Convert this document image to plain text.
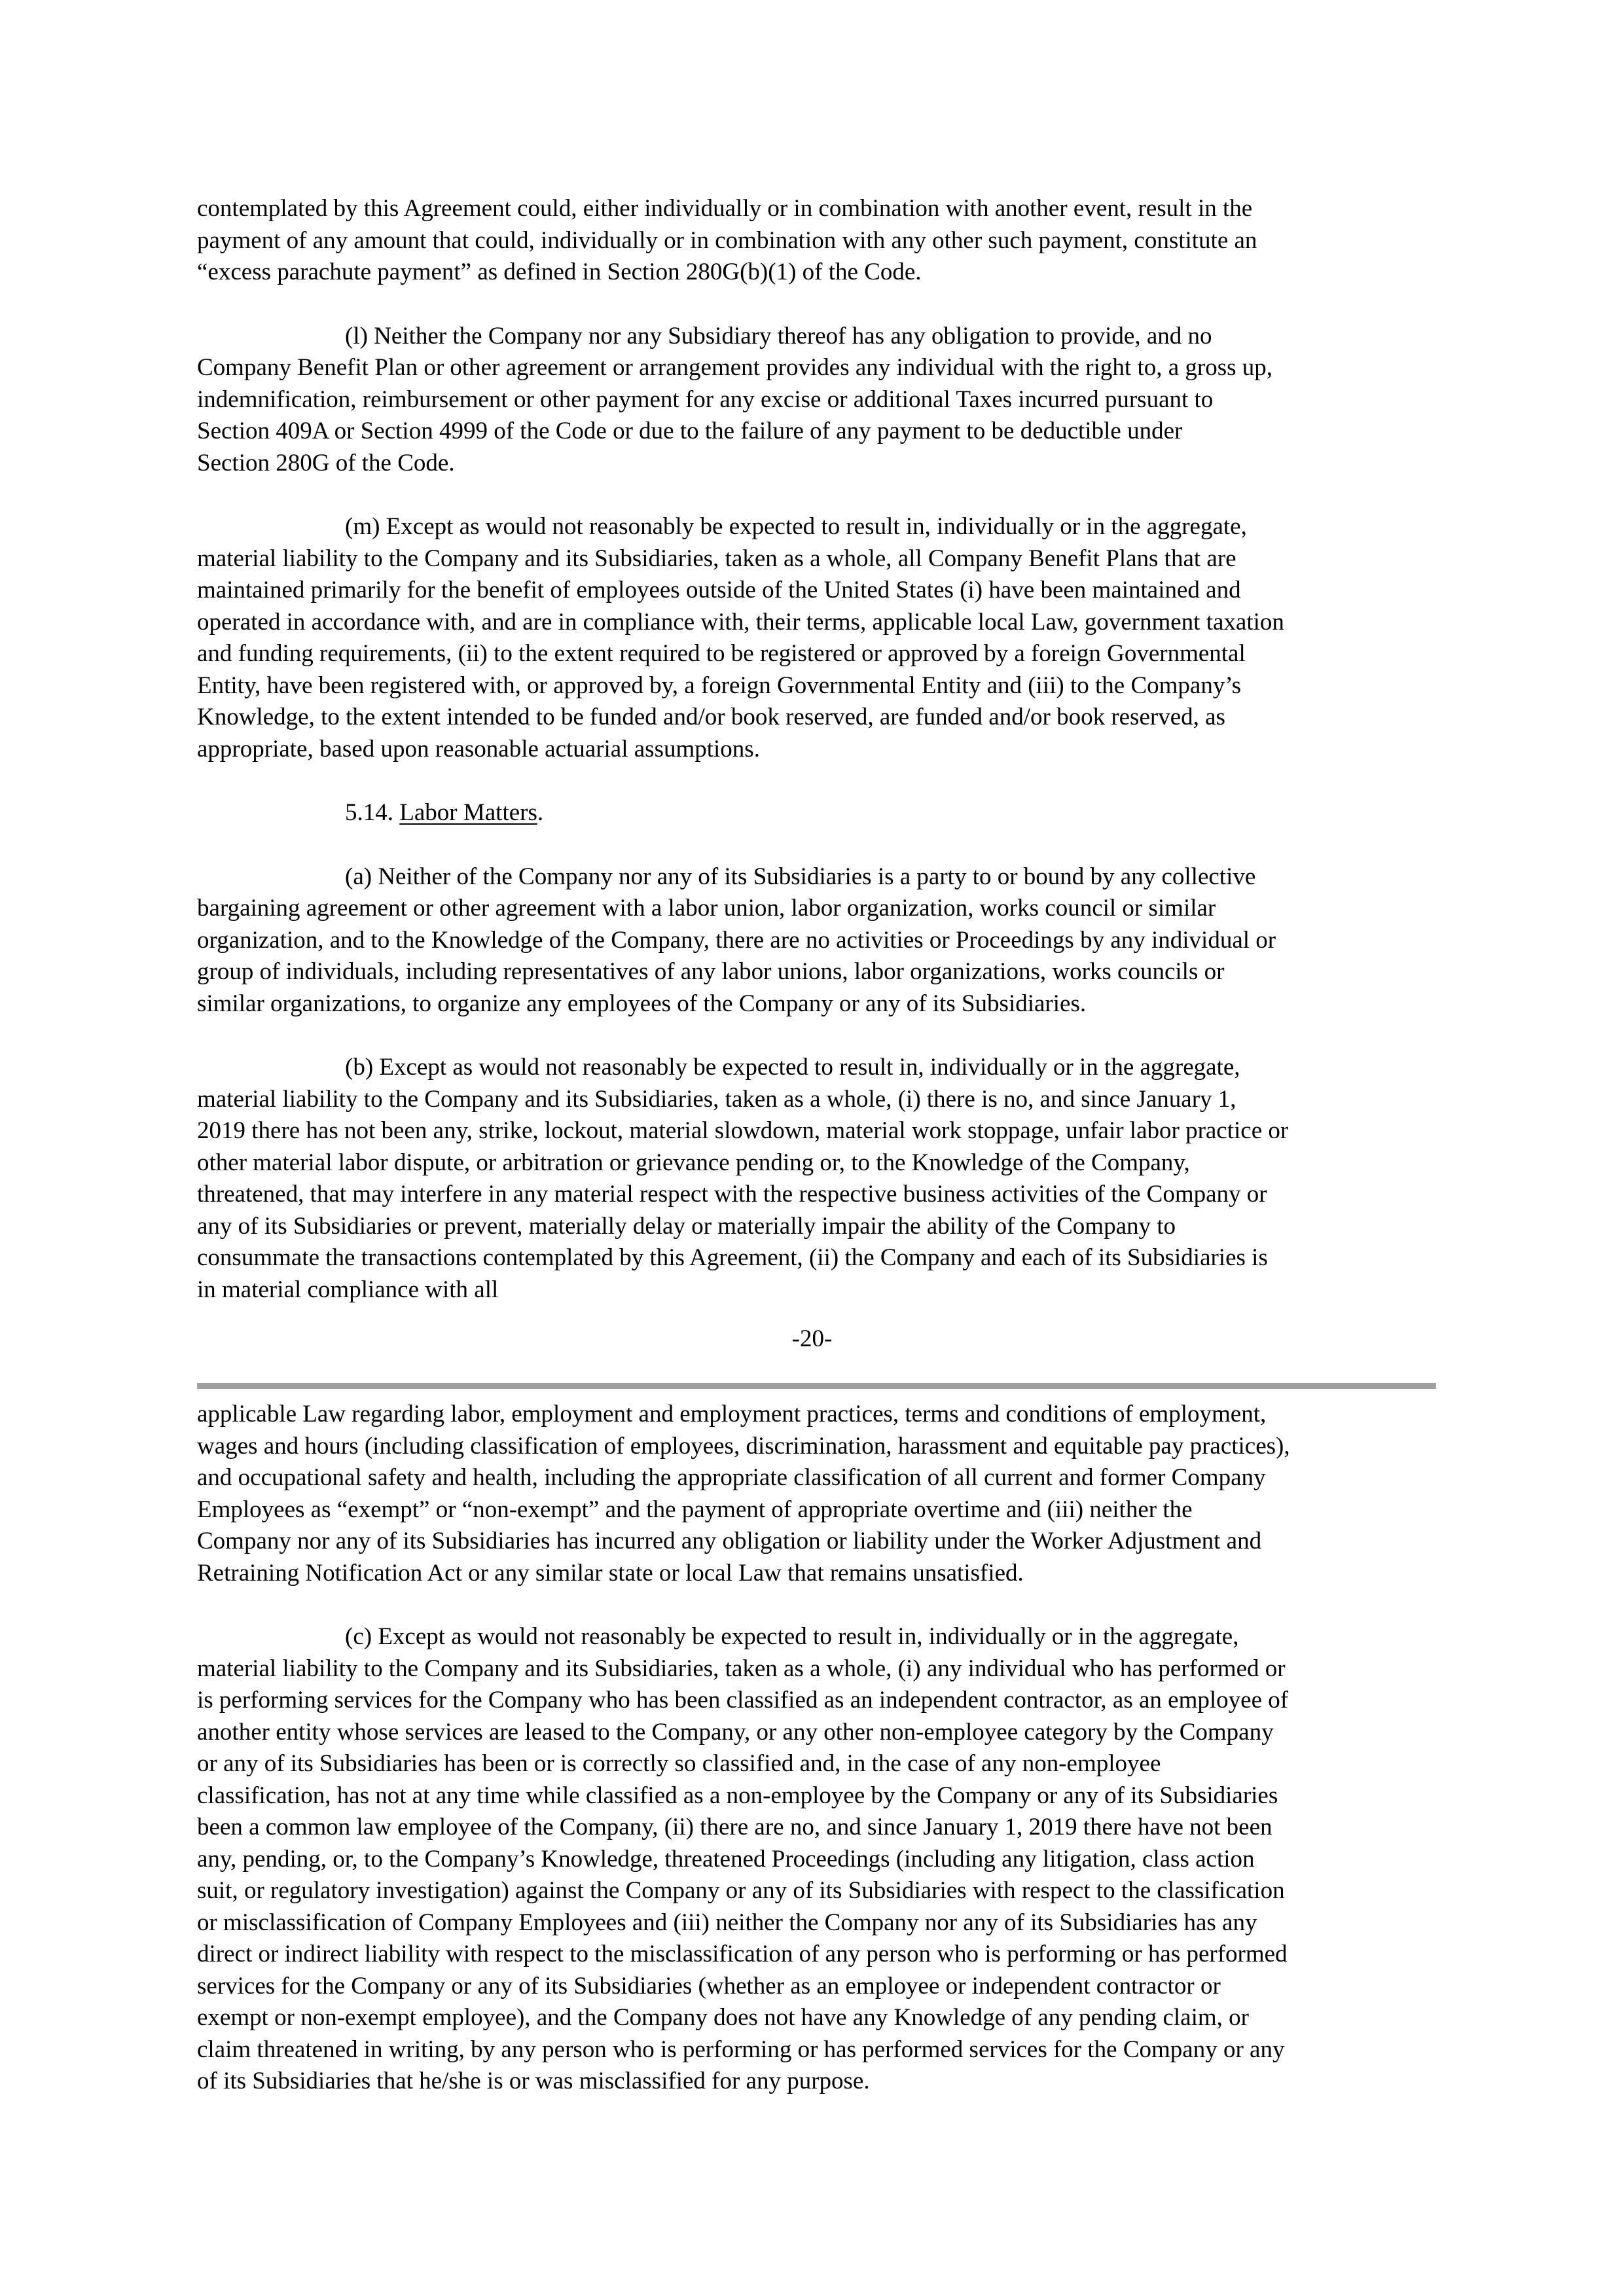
contemplated by this Agreement could, either individually or in combination with another event, result in the
payment of any amount that could, individually or in combination with any other such payment, constitute an
“excess parachute payment” as defined in Section 280G(b)(1) of the Code.
(l) Neither the Company nor any Subsidiary thereof has any obligation to provide, and no
Company Benefit Plan or other agreement or arrangement provides any individual with the right to, a gross up,
indemnification, reimbursement or other payment for any excise or additional Taxes incurred pursuant to
Section 409A or Section 4999 of the Code or due to the failure of any payment to be deductible under
Section 280G of the Code.
(m) Except as would not reasonably be expected to result in, individually or in the aggregate,
material liability to the Company and its Subsidiaries, taken as a whole, all Company Benefit Plans that are
maintained primarily for the benefit of employees outside of the United States (i) have been maintained and
operated in accordance with, and are in compliance with, their terms, applicable local Law, government taxation
and funding requirements, (ii) to the extent required to be registered or approved by a foreign Governmental
Entity, have been registered with, or approved by, a foreign Governmental Entity and (iii) to the Company’s
Knowledge, to the extent intended to be funded and/or book reserved, are funded and/or book reserved, as
appropriate, based upon reasonable actuarial assumptions.

5.14. Labor Matters.

(a) Neither of the Company nor any of its Subsidiaries is a party to or bound by any collective
bargaining agreement or other agreement with a labor union, labor organization, works council or similar
organization, and to the Knowledge of the Company, there are no activities or Proceedings by any individual or
group of individuals, including representatives of any labor unions, labor organizations, works councils or
similar organizations, to organize any employees of the Company or any of its Subsidiaries.
(b) Except as would not reasonably be expected to result in, individually or in the aggregate,
material liability to the Company and its Subsidiaries, taken as a whole, (i) there is no, and since January 1,
2019 there has not been any, strike, lockout, material slowdown, material work stoppage, unfair labor practice or
other material labor dispute, or arbitration or grievance pending or, to the Knowledge of the Company,
threatened, that may interfere in any material respect with the respective business activities of the Company or
any of its Subsidiaries or prevent, materially delay or materially impair the ability of the Company to
consummate the transactions contemplated by this Agreement, (ii) the Company and each of its Subsidiaries is
in material compliance with all
-20-
applicable Law regarding labor, employment and employment practices, terms and conditions of employment,
wages and hours (including classification of employees, discrimination, harassment and equitable pay practices),
and occupational safety and health, including the appropriate classification of all current and former Company
Employees as “exempt” or “non-exempt” and the payment of appropriate overtime and (iii) neither the
Company nor any of its Subsidiaries has incurred any obligation or liability under the Worker Adjustment and
Retraining Notification Act or any similar state or local Law that remains unsatisfied.
(c) Except as would not reasonably be expected to result in, individually or in the aggregate,
material liability to the Company and its Subsidiaries, taken as a whole, (i) any individual who has performed or
is performing services for the Company who has been classified as an independent contractor, as an employee of
another entity whose services are leased to the Company, or any other non-employee category by the Company
or any of its Subsidiaries has been or is correctly so classified and, in the case of any non-employee
classification, has not at any time while classified as a non-employee by the Company or any of its Subsidiaries
been a common law employee of the Company, (ii) there are no, and since January 1, 2019 there have not been
any, pending, or, to the Company’s Knowledge, threatened Proceedings (including any litigation, class action
suit, or regulatory investigation) against the Company or any of its Subsidiaries with respect to the classification
or misclassification of Company Employees and (iii) neither the Company nor any of its Subsidiaries has any
direct or indirect liability with respect to the misclassification of any person who is performing or has performed
services for the Company or any of its Subsidiaries (whether as an employee or independent contractor or
exempt or non-exempt employee), and the Company does not have any Knowledge of any pending claim, or
claim threatened in writing, by any person who is performing or has performed services for the Company or any
of its Subsidiaries that he/she is or was misclassified for any purpose.
